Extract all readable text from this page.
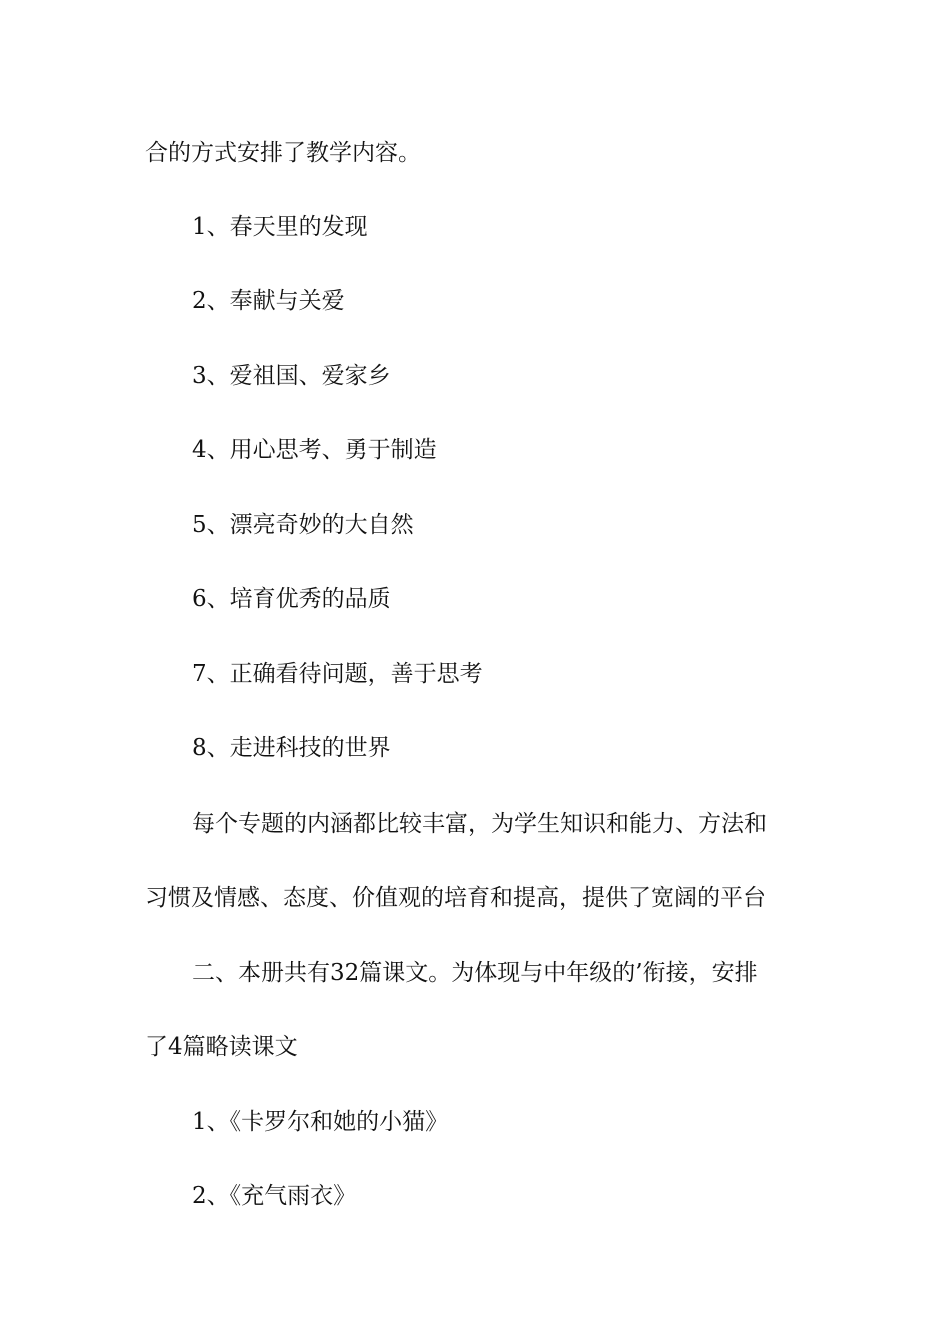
合的方式安排了教学内容。
1、春天里的发现
2、奉献与关爱
3、爱祖国、爱家乡
4、用心思考、勇于制造
5、漂亮奇妙的大自然
6、培育优秀的品质
7、正确看待问题，善于思考
8、走进科技的世界
每个专题的内涵都比较丰富，为学生知识和能力、方法和
习惯及情感、态度、价值观的培育和提高，提供了宽阔的平台
二、本册共有32篇课文。为体现与中年级的’衔接，安排
了4篇略读课文
1、《卡罗尔和她的小猫》
2、《充气雨衣》
